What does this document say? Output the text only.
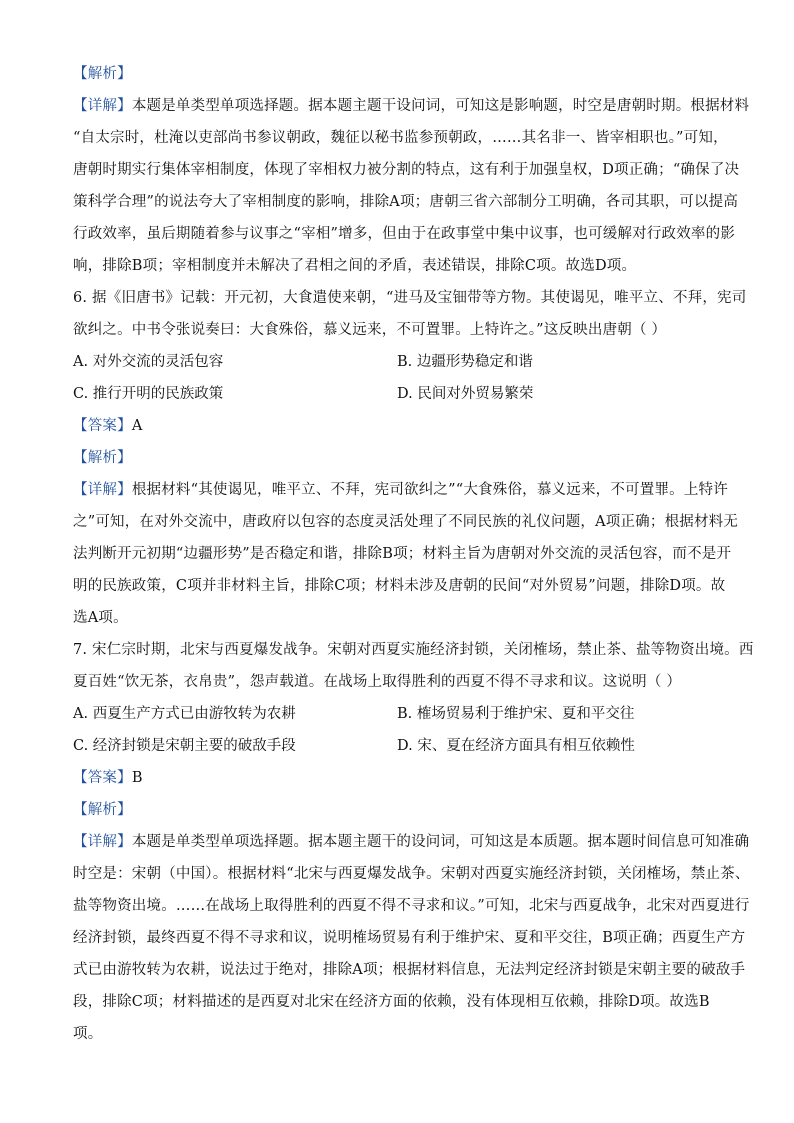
【解析】
【详解】本题是单类型单项选择题。据本题主题干设问词，可知这是影响题，时空是唐朝时期。根据材料
“自太宗时，杜淹以吏部尚书参议朝政，魏征以秘书监参预朝政，……其名非一、皆宰相职也。”可知，
唐朝时期实行集体宰相制度，体现了宰相权力被分割的特点，这有利于加强皇权，D项正确；“确保了决
策科学合理”的说法夸大了宰相制度的影响，排除A项；唐朝三省六部制分工明确，各司其职，可以提高
行政效率，虽后期随着参与议事之“宰相”增多，但由于在政事堂中集中议事，也可缓解对行政效率的影
响，排除B项；宰相制度并未解决了君相之间的矛盾，表述错误，排除C项。故选D项。
6. 据《旧唐书》记载：开元初，大食遣使来朝，“进马及宝钿带等方物。其使谒见，唯平立、不拜，宪司
欲纠之。中书令张说奏曰：大食殊俗，慕义远来，不可置罪。上特许之。”这反映出唐朝（ ）
A. 对外交流的灵活包容	B. 边疆形势稳定和谐
C. 推行开明的民族政策	D. 民间对外贸易繁荣
【答案】A
【解析】
【详解】根据材料“其使谒见，唯平立、不拜，宪司欲纠之”“大食殊俗，慕义远来，不可置罪。上特许
之”可知，在对外交流中，唐政府以包容的态度灵活处理了不同民族的礼仪问题，A项正确；根据材料无
法判断开元初期“边疆形势”是否稳定和谐，排除B项；材料主旨为唐朝对外交流的灵活包容，而不是开
明的民族政策，C项并非材料主旨，排除C项；材料未涉及唐朝的民间“对外贸易”问题，排除D项。故
选A项。
7. 宋仁宗时期，北宋与西夏爆发战争。宋朝对西夏实施经济封锁，关闭榷场，禁止茶、盐等物资出境。西
夏百姓“饮无茶，衣帛贵”，怨声载道。在战场上取得胜利的西夏不得不寻求和议。这说明（ ）
A. 西夏生产方式已由游牧转为农耕	B. 榷场贸易利于维护宋、夏和平交往
C. 经济封锁是宋朝主要的破敌手段	D. 宋、夏在经济方面具有相互依赖性
【答案】B
【解析】
【详解】本题是单类型单项选择题。据本题主题干的设问词，可知这是本质题。据本题时间信息可知准确
时空是：宋朝（中国）。根据材料“北宋与西夏爆发战争。宋朝对西夏实施经济封锁，关闭榷场，禁止茶、
盐等物资出境。……在战场上取得胜利的西夏不得不寻求和议。”可知，北宋与西夏战争，北宋对西夏进行
经济封锁，最终西夏不得不寻求和议，说明榷场贸易有利于维护宋、夏和平交往，B项正确；西夏生产方
式已由游牧转为农耕，说法过于绝对，排除A项；根据材料信息，无法判定经济封锁是宋朝主要的破敌手
段，排除C项；材料描述的是西夏对北宋在经济方面的依赖，没有体现相互依赖，排除D项。故选B
项。
